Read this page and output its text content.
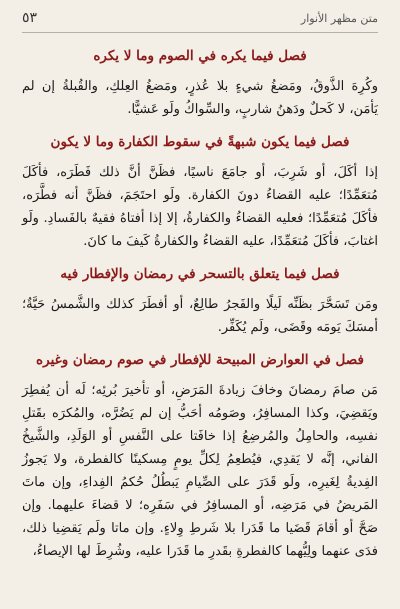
متن مظهر الأنوار
٥٣
فصل فيما يكره في الصوم وما لا يكره

وكُرِهَ الذَّوقُ، ومَضغُ شيءٍ بلا عُذرٍ، ومَضغُ العِلكِ، والقُبلةُ إن لم يَأمَن، لا كَحلٌ ودَهنُ شاربٍ، والسِّواكُ ولَو عَشيًّا.

فصل فيما يكون شبهةً في سقوط الكفارة وما لا يكون

إذا أكَلَ، أو شَرِبَ، أو جامَعَ ناسيًا، فظَنَّ أنَّ ذلك فَطَرَه، فأكَلَ مُتعَمِّدًا؛ عليه القضاءُ دونَ الكفارة. ولَو احتَجَمَ، فظَنَّ أنه فطَّرَه، فأكَلَ مُتعَمِّدًا؛ فعليه القضاءُ والكفارةُ، إلا إذا أفتاهُ فقيهٌ بالفَسادِ. ولَو اغتابَ، فأكَلَ مُتعَمِّدًا، عليه القضاءُ والكفارةُ كَيفَ ما كانَ.

فصل فيما يتعلق بالتسحر في رمضان والإفطار فيه

ومَن تَسَحَّرَ بظَنِّه لَيلًا والفَجرُ طالِعٌ، أو أفطَرَ كذلك والشَّمسُ حَيَّةٌ؛ أمسَكَ يَومَه وقَضَى، ولَم يُكَفِّر.

فصل في العوارض المبيحة للإفطار في صوم رمضان وغيره

مَن صامَ رمضانَ وخافَ زيادةَ المَرَضِ، أو تأخيرَ بُرئِه؛ لَه أن يُفطِرَ ويَقضِيَ، وكذا المسافِرُ، وصَومُه أحَبُّ إن لم يَضُرَّه، والمُكرَه بقَتلِ نفسِه، والحامِلُ والمُرضِعُ إذا خافَتا على النَّفسِ أو الوَلَدِ، والشَّيخُ الفاني، إنَّه لا يَقدِي، فيُطعِمُ لِكلِّ يومٍ مِسكينًا كالفطرة، ولا يَجوزُ الفِديةُ لِغَيرِه، ولَو قَدَرَ على الصِّيامِ يَبطُلُ حُكمُ الفِداءِ، وإن ماتَ المَريضُ في مَرَضِه، أو المسافِرُ في سَفَرِه؛ لا قضاءَ عليهما. وإن صَحَّ أو أقامَ قَضَيا ما قَدَرا بلا شَرطِ وِلاءٍ. وإن ماتا ولَم يَقضِيا ذلك، فدَى عنهما ولِيُّهما كالفطرةِ بقَدرِ ما قَدَرا عليه، وشُرِطَ لها الإيصاءُ،
